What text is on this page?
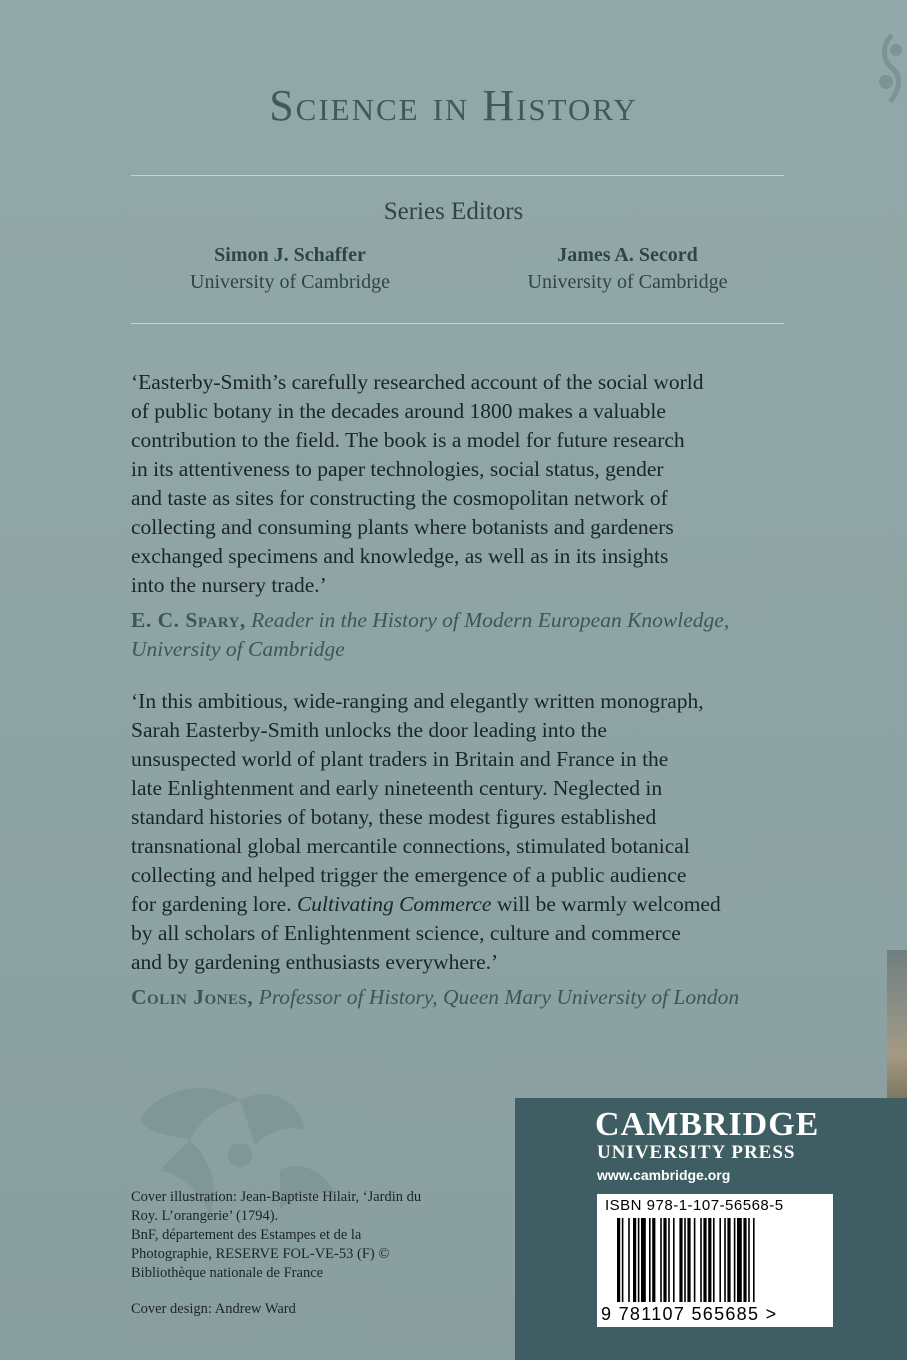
Science in History
Series Editors
Simon J. Schaffer
University of Cambridge
James A. Secord
University of Cambridge
‘Easterby-Smith’s carefully researched account of the social world
of public botany in the decades around 1800 makes a valuable
contribution to the field. The book is a model for future research
in its attentiveness to paper technologies, social status, gender
and taste as sites for constructing the cosmopolitan network of
collecting and consuming plants where botanists and gardeners
exchanged specimens and knowledge, as well as in its insights
into the nursery trade.’
E. C. Spary, Reader in the History of Modern European Knowledge,
University of Cambridge
‘In this ambitious, wide-ranging and elegantly written monograph,
Sarah Easterby-Smith unlocks the door leading into the
unsuspected world of plant traders in Britain and France in the
late Enlightenment and early nineteenth century. Neglected in
standard histories of botany, these modest figures established
transnational global mercantile connections, stimulated botanical
collecting and helped trigger the emergence of a public audience
for gardening lore. Cultivating Commerce will be warmly welcomed
by all scholars of Enlightenment science, culture and commerce
and by gardening enthusiasts everywhere.’
Colin Jones, Professor of History, Queen Mary University of London
Cover illustration: Jean-Baptiste Hilair, ‘Jardin du
Roy. L’orangerie’ (1794).
BnF, département des Estampes et de la
Photographie, RESERVE FOL-VE-53 (F) ©
Bibliothèque nationale de France
Cover design: Andrew Ward
CAMBRIDGE
UNIVERSITY PRESS
www.cambridge.org
ISBN 978-1-107-56568-5
9 781107 565685 >
